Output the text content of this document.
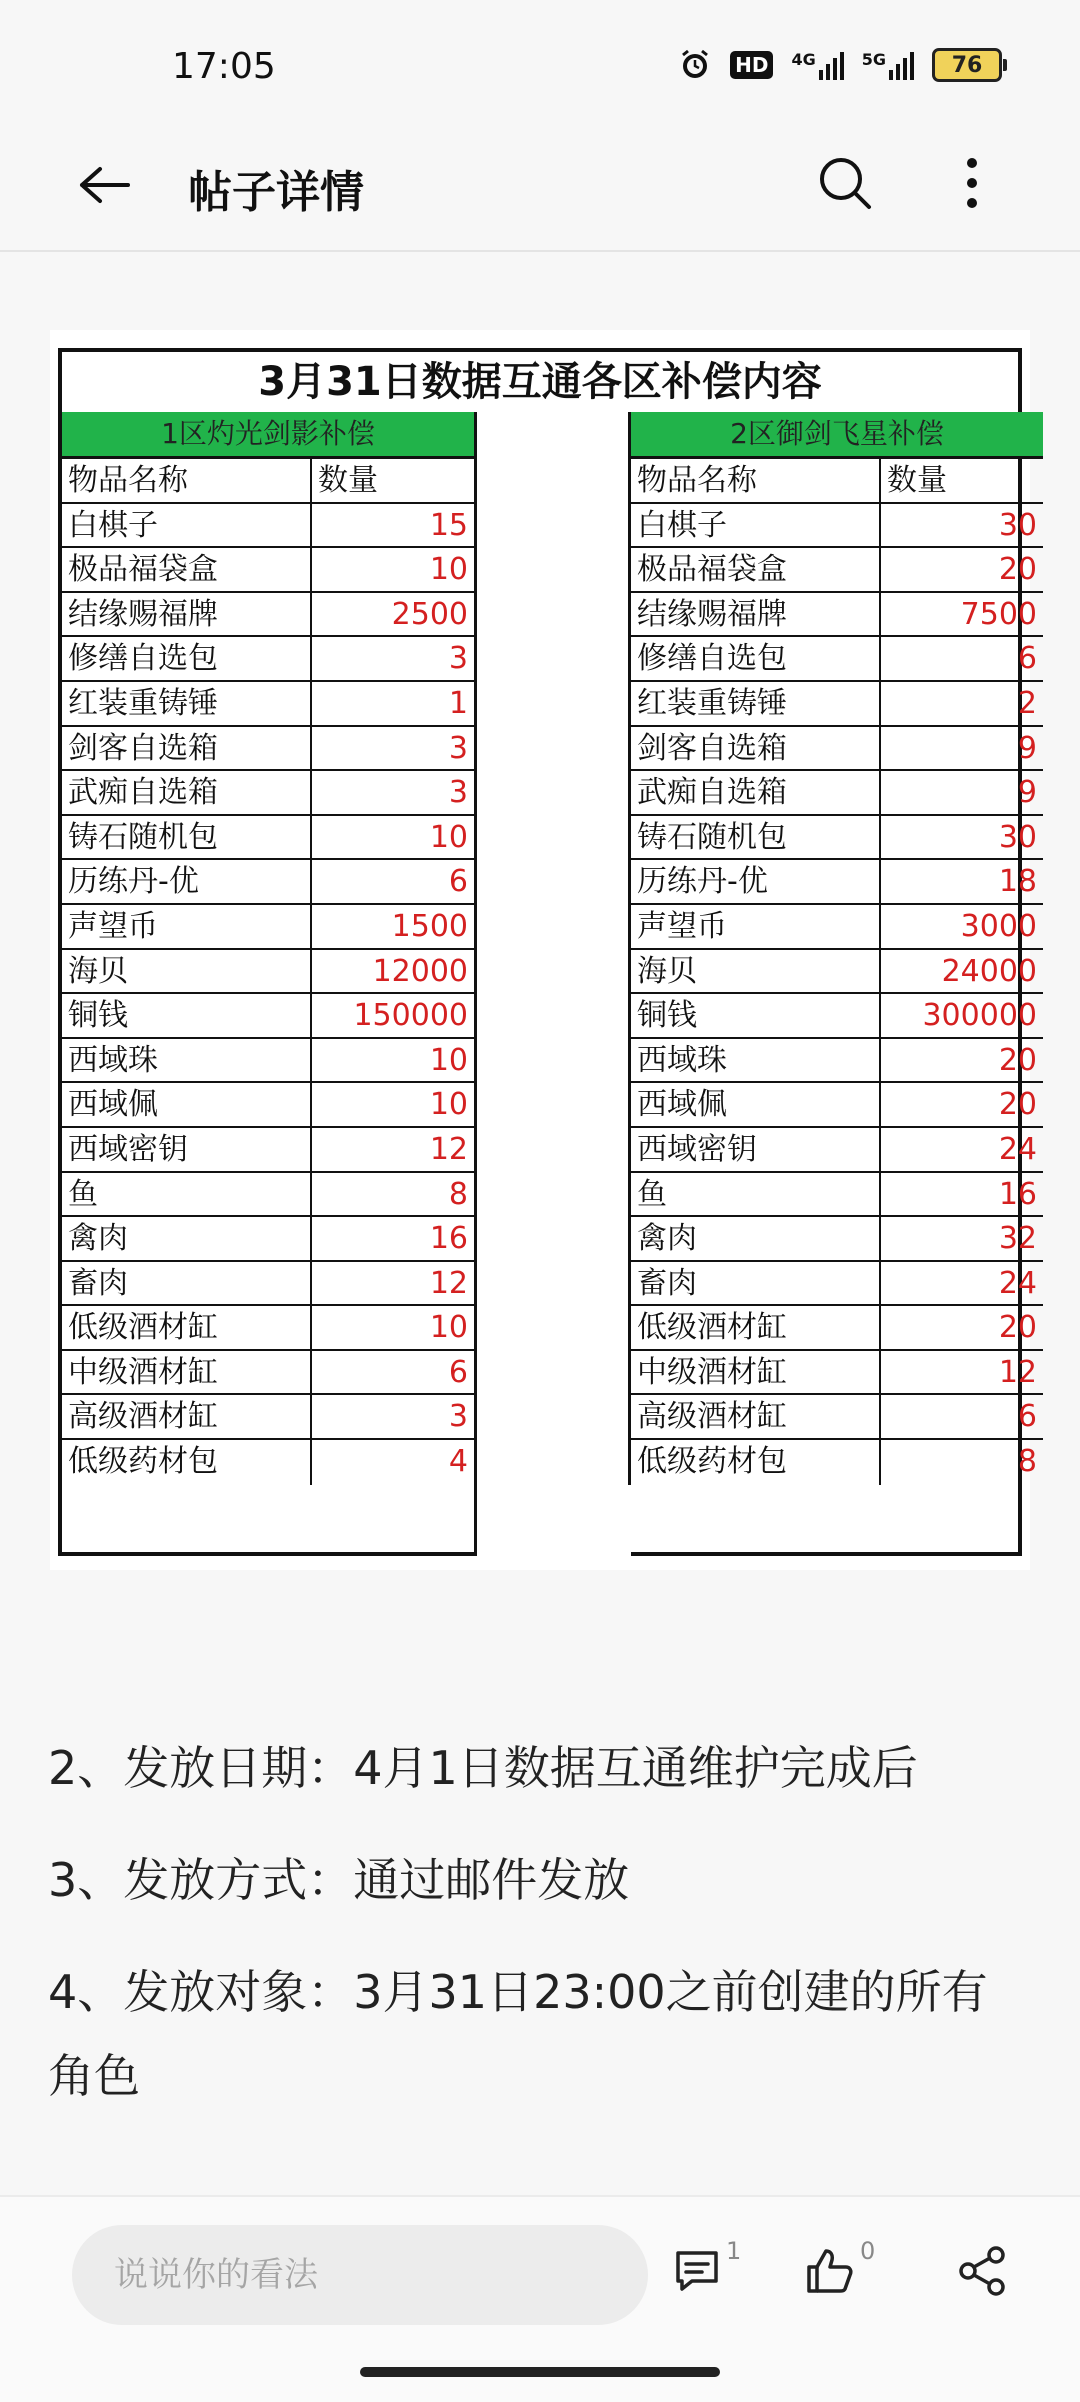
17:05	HD	4G	5G	76
帖子详情
3月31日数据互通各区补偿内容
1区灼光剑影补偿
物品名称	数量
白棋子	15
极品福袋盒	10
结缘赐福牌	2500
修缮自选包	3
红装重铸锤	1
剑客自选箱	3
武痴自选箱	3
铸石随机包	10
历练丹-优	6
声望币	1500
海贝	12000
铜钱	150000
西域珠	10
西域佩	10
西域密钥	12
鱼	8
禽肉	16
畜肉	12
低级酒材缸	10
中级酒材缸	6
高级酒材缸	3
低级药材包	4
2区御剑飞星补偿
物品名称	数量
白棋子	30
极品福袋盒	20
结缘赐福牌	7500
修缮自选包	6
红装重铸锤	2
剑客自选箱	9
武痴自选箱	9
铸石随机包	30
历练丹-优	18
声望币	3000
海贝	24000
铜钱	300000
西域珠	20
西域佩	20
西域密钥	24
鱼	16
禽肉	32
畜肉	24
低级酒材缸	20
中级酒材缸	12
高级酒材缸	6
低级药材包	8

2、发放日期：4月1日数据互通维护完成后

3、发放方式：通过邮件发放

4、发放对象：3月31日23:00之前创建的所有
角色

说说你的看法
1	0
